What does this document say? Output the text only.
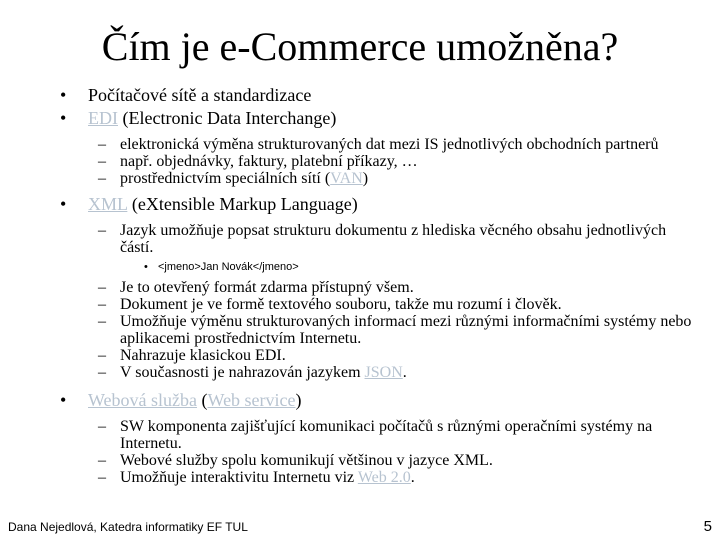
Čím je e-Commerce umožněna?
• Počítačové sítě a standardizace
• EDI (Electronic Data Interchange)
– elektronická výměna strukturovaných dat mezi IS jednotlivých obchodních partnerů
– např. objednávky, faktury, platební příkazy, …
– prostřednictvím speciálních sítí (VAN)
• XML (eXtensible Markup Language)
– Jazyk umožňuje popsat strukturu dokumentu z hlediska věcného obsahu jednotlivých částí.
• <jmeno>Jan Novák</jmeno>
– Je to otevřený formát zdarma přístupný všem.
– Dokument je ve formě textového souboru, takže mu rozumí i člověk.
– Umožňuje výměnu strukturovaných informací mezi různými informačními systémy nebo aplikacemi prostřednictvím Internetu.
– Nahrazuje klasickou EDI.
– V současnosti je nahrazován jazykem JSON.
• Webová služba (Web service)
– SW komponenta zajišťující komunikaci počítačů s různými operačními systémy na Internetu.
– Webové služby spolu komunikují většinou v jazyce XML.
– Umožňuje interaktivitu Internetu viz Web 2.0.
Dana Nejedlová, Katedra informatiky EF TUL	5
